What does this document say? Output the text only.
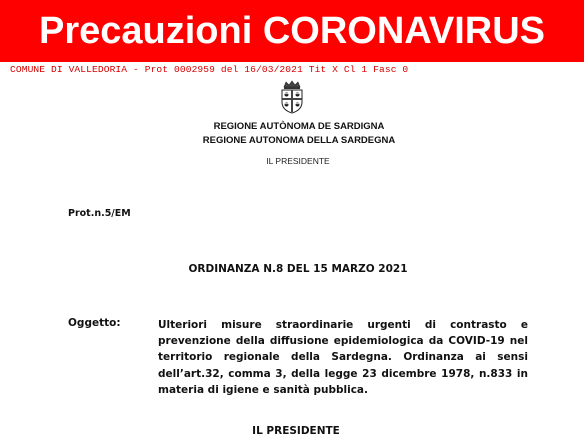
Precauzioni CORONAVIRUS
COMUNE DI VALLEDORIA - Prot 0002959 del 16/03/2021 Tit X Cl 1 Fasc 0
REGIONE AUTÒNOMA DE SARDIGNA
REGIONE AUTONOMA DELLA SARDEGNA
IL PRESIDENTE
Prot.n.5/EM
ORDINANZA N.8 DEL 15 MARZO 2021
Oggetto:	Ulteriori misure straordinarie urgenti di contrasto e
prevenzione della diffusione epidemiologica da COVID-19 nel
territorio regionale della Sardegna. Ordinanza ai sensi
dell’art.32, comma 3, della legge 23 dicembre 1978, n.833 in
materia di igiene e sanità pubblica.
IL PRESIDENTE
